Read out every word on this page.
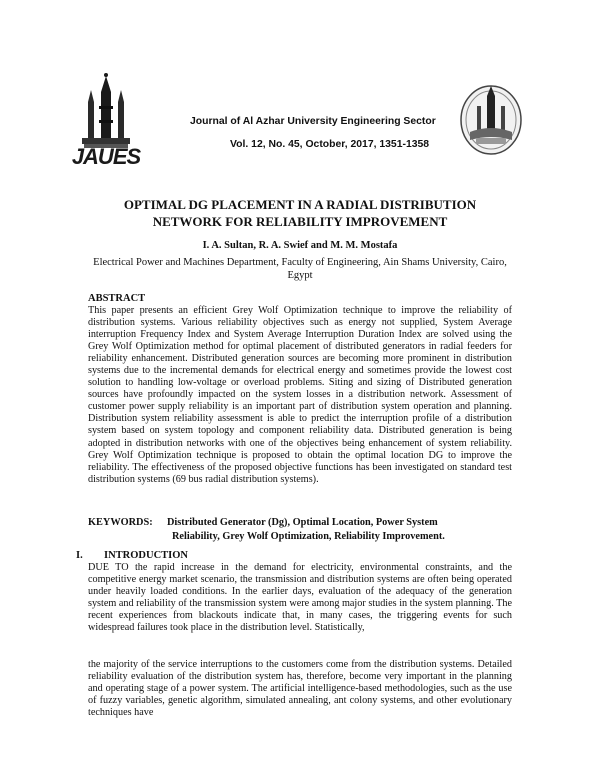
JAUES
Journal of Al Azhar University Engineering Sector
Vol. 12, No. 45, October, 2017, 1351-1358
OPTIMAL DG PLACEMENT IN A RADIAL DISTRIBUTION NETWORK FOR RELIABILITY IMPROVEMENT
I. A. Sultan, R. A. Swief and M. M. Mostafa
Electrical Power and Machines Department, Faculty of Engineering, Ain Shams University, Cairo, Egypt
ABSTRACT
This paper presents an efficient Grey Wolf Optimization technique to improve the reliability of distribution systems. Various reliability objectives such as energy not supplied, System Average interruption Frequency Index and System Average Interruption Duration Index are solved using the Grey Wolf Optimization method for optimal placement of distributed generators in radial feeders for reliability enhancement. Distributed generation sources are becoming more prominent in distribution systems due to the incremental demands for electrical energy and sometimes provide the lowest cost solution to handling low-voltage or overload problems. Siting and sizing of Distributed generation sources have profoundly impacted on the system losses in a distribution network. Assessment of customer power supply reliability is an important part of distribution system operation and planning. Distribution system reliability assessment is able to predict the interruption profile of a distribution system based on system topology and component reliability data. Distributed generation is being adopted in distribution networks with one of the objectives being enhancement of system reliability. Grey Wolf Optimization technique is proposed to obtain the optimal location DG to improve the reliability. The effectiveness of the proposed objective functions has been investigated on standard test distribution systems (69 bus radial distribution systems).
KEYWORDS: Distributed Generator (Dg), Optimal Location, Power System
Reliability, Grey Wolf Optimization, Reliability Improvement.
I. INTRODUCTION
DUE TO the rapid increase in the demand for electricity, environmental constraints, and the competitive energy market scenario, the transmission and distribution systems are often being operated under heavily loaded conditions. In the earlier days, evaluation of the adequacy of the generation system and reliability of the transmission system were among major studies in the system planning. The recent experiences from blackouts indicate that, in many cases, the triggering events for such widespread failures took place in the distribution level. Statistically,
the majority of the service interruptions to the customers come from the distribution systems. Detailed reliability evaluation of the distribution system has, therefore, become very important in the planning and operating stage of a power system. The artificial intelligence-based methodologies, such as the use of fuzzy variables, genetic algorithm, simulated annealing, ant colony systems, and other evolutionary techniques have
